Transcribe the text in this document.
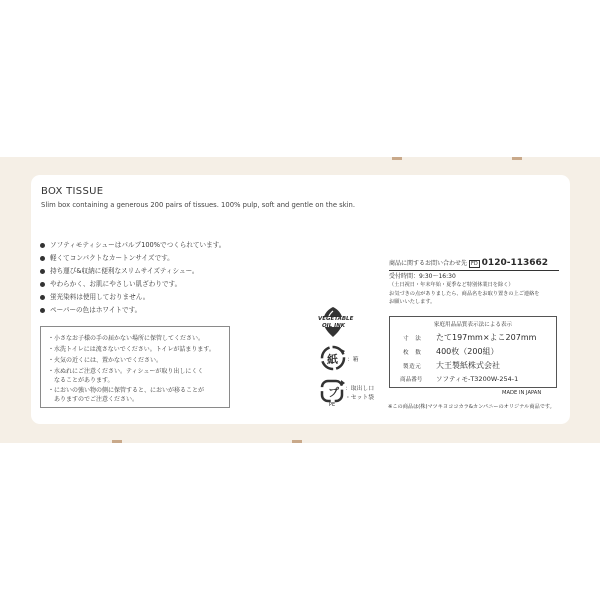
BOX TISSUE
Slim box containing a generous 200 pairs of tissues. 100% pulp, soft and gentle on the skin.
ソフティモティシューはパルプ100%でつくられています。
軽くてコンパクトなカートンサイズです。
持ち運び&収納に便利なスリムサイズティシュー。
やわらかく、お肌にやさしい肌ざわりです。
蛍光染料は使用しておりません。
ペーパーの色はホワイトです。
・小さなお子様の手の届かない場所に保管してください。
・水洗トイレには流さないでください。トイレが詰まります。
・火気の近くには、置かないでください。
・水ぬれにご注意ください。ティシューが取り出しにくく
　なることがあります。
・においの強い物の側に保管すると、においが移ることが
　ありますのでご注意ください。
VEGETABLE
OIL INK
紙 ：箱
プ
PE
：取出し口
・セット袋
商品に関するお問い合わせ先 FD 0120-113662
受付時間：9:30〜16:30
（土日祝日・年末年始・夏季など特別休業日を除く）
お気づきの点がありましたら、商品名をお取り置きの上ご連絡を
お願いいたします。
家庭用品品質表示法による表示
寸　法 たて197mm×よこ207mm
枚　数 400枚（200組）
製造元 大王製紙株式会社
商品番号 ソフティモ-T3200W-254-1
MADE IN JAPAN
※この商品は(株)マツキヨココカラ&カンパニーのオリジナル商品です。
